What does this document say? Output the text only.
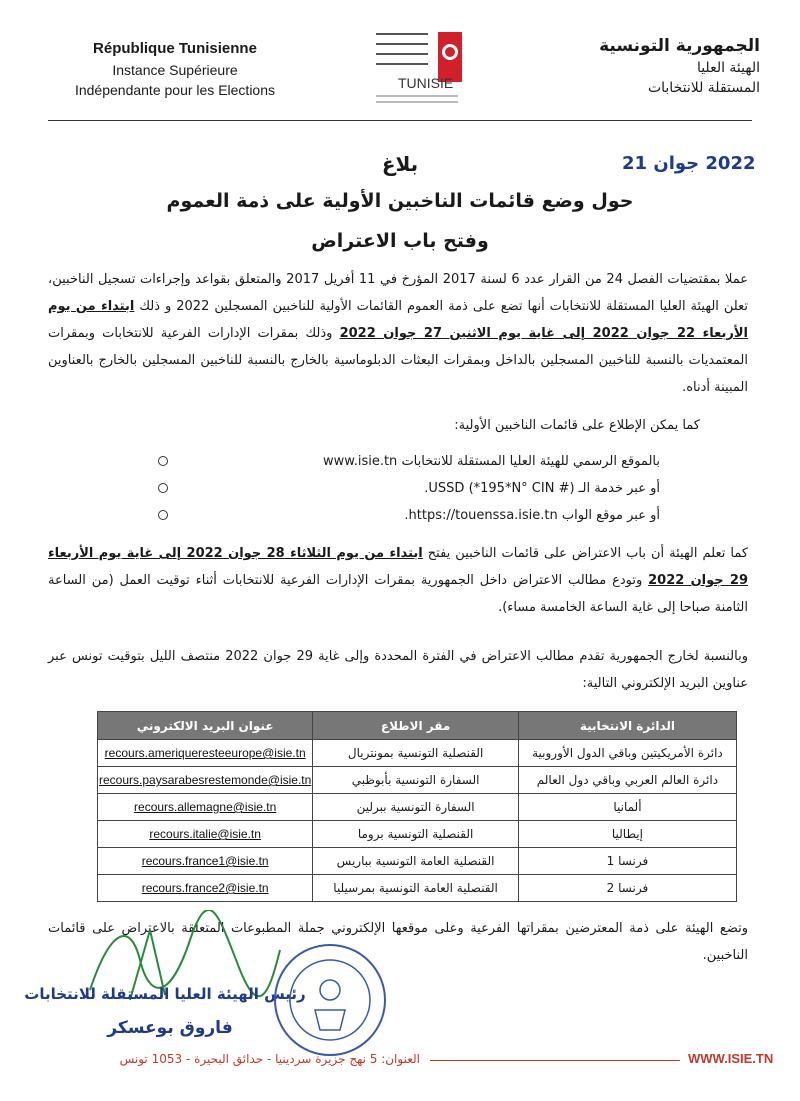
République Tunisienne
Instance Supérieure
Indépendante pour les Elections	TUNISIE
الجمهورية التونسية
الهيئة العليا
المستقلة للانتخابات
2022 جوان 21
بلاغ
حول وضع قائمات الناخبين الأولية على ذمة العموم
وفتح باب الاعتراض
عملا بمقتضيات الفصل 24 من القرار عدد 6 لسنة 2017 المؤرخ في 11 أفريل 2017 والمتعلق بقواعد وإجراءات تسجيل الناخبين، تعلن الهيئة العليا المستقلة للانتخابات أنها تضع على ذمة العموم القائمات الأولية للناخبين المسجلين 2022 و ذلك ابتداء من يوم الأربعاء 22 جوان 2022 إلى غاية يوم الاثنين 27 جوان 2022 وذلك بمقرات الإدارات الفرعية للانتخابات وبمقرات المعتمديات بالنسبة للناخبين المسجلين بالداخل وبمقرات البعثات الدبلوماسية بالخارج بالنسبة للناخبين المسجلين بالخارج بالعناوين المبينة أدناه.
كما يمكن الإطلاع على قائمات الناخبين الأولية:
بالموقع الرسمي للهيئة العليا المستقلة للانتخابات www.isie.tn
أو عبر خدمة الـ USSD (*195*N° CIN #).
أو عبر موقع الواب https://touenssa.isie.tn.
كما تعلم الهيئة أن باب الاعتراض على قائمات الناخبين يفتح ابتداء من يوم الثلاثاء 28 جوان 2022 إلى غاية يوم الأربعاء 29 جوان 2022 وتودع مطالب الاعتراض داخل الجمهورية بمقرات الإدارات الفرعية للانتخابات أثناء توقيت العمل (من الساعة الثامنة صباحا إلى غاية الساعة الخامسة مساء).
وبالنسبة لخارج الجمهورية تقدم مطالب الاعتراض في الفترة المحددة وإلى غاية 29 جوان 2022 منتصف الليل بتوقيت تونس عبر عناوين البريد الإلكتروني التالية:
الدائرة الانتخابية	مقر الاطلاع	عنوان البريد الالكتروني
دائرة الأمريكيتين وباقي الدول الأوروبية	القنصلية التونسية بمونتريال	recours.ameriqueresteeurope@isie.tn
دائرة العالم العربي وباقي دول العالم	السفارة التونسية بأبوظبي	recours.paysarabesrestemonde@isie.tn
ألمانيا	السفارة التونسية ببرلين	recours.allemagne@isie.tn
إيطاليا	القنصلية التونسية بروما	recours.italie@isie.tn
فرنسا 1	القنصلية العامة التونسية بباريس	recours.france1@isie.tn
فرنسا 2	القنصلية العامة التونسية بمرسيليا	recours.france2@isie.tn
وتضع الهيئة على ذمة المعترضين بمقراتها الفرعية وعلى موقعها الإلكتروني جملة المطبوعات المتعلقة بالاعتراض على قائمات الناخبين.
رئيس الهيئة العليا المستقلة للانتخابات
فاروق بوعسكر
العنوان: 5 نهج جزيرة سردينيا - حدائق البحيرة - 1053 تونس	WWW.ISIE.TN
